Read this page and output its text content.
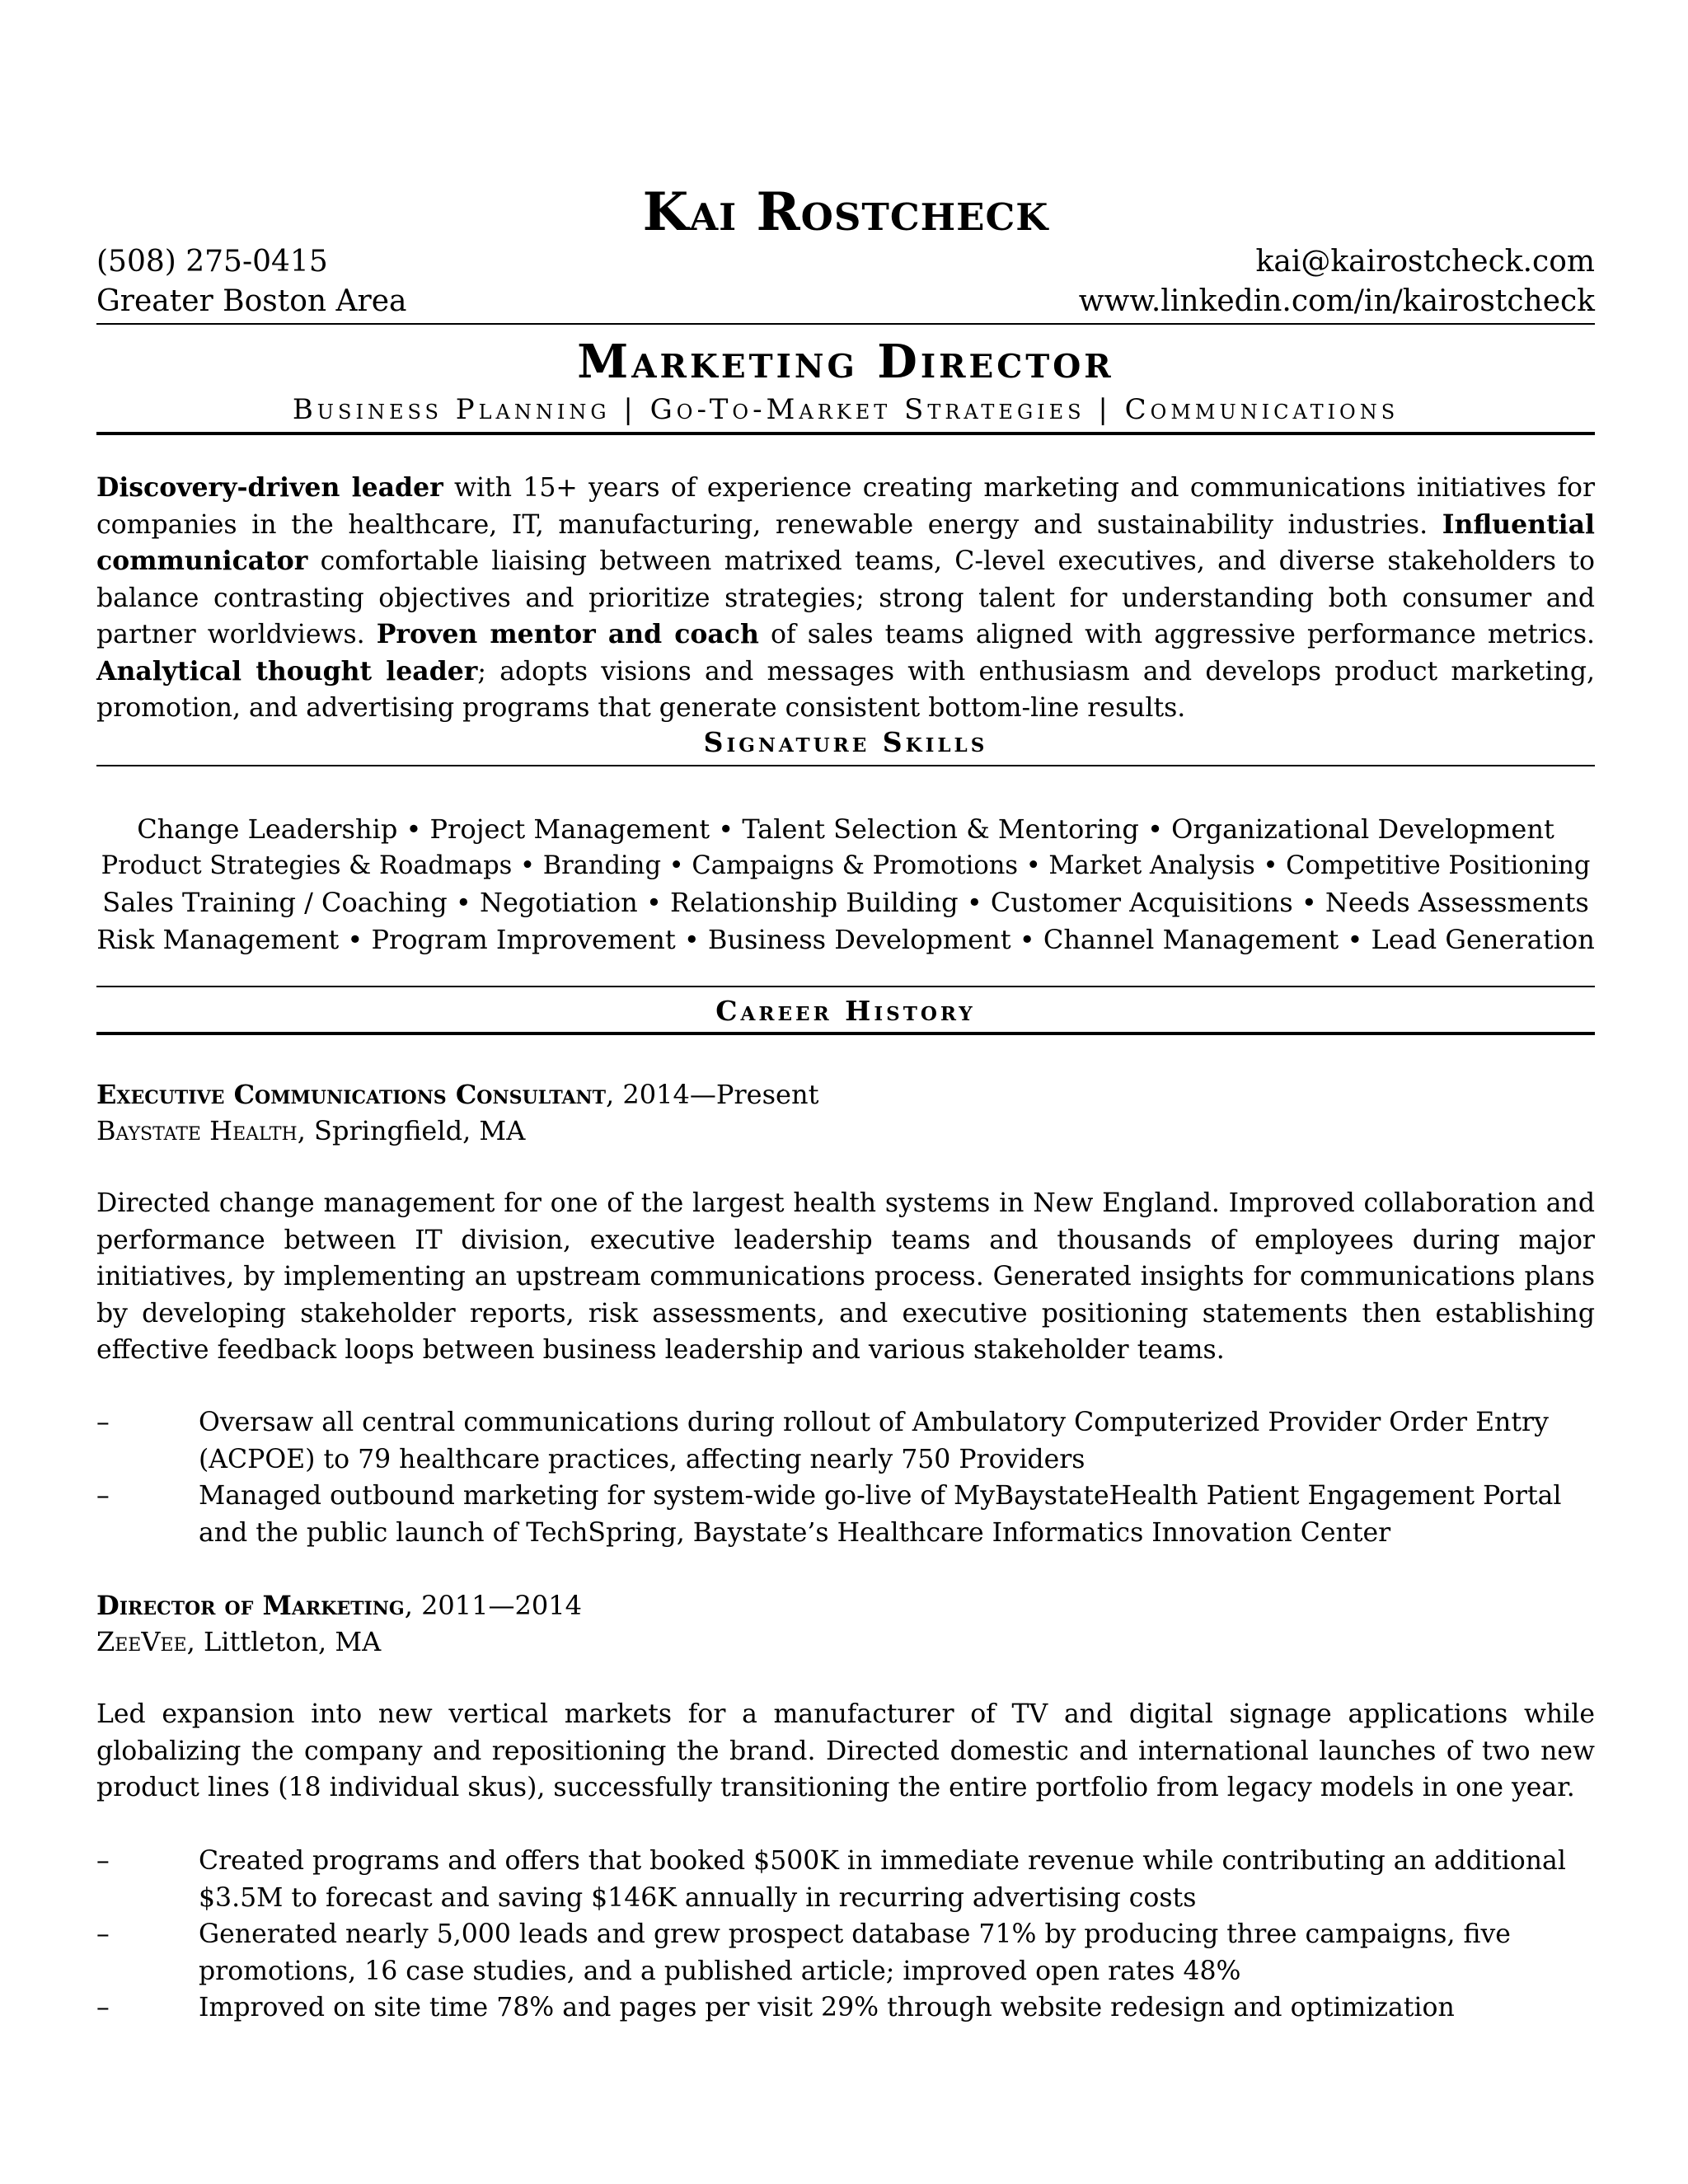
Kai Rostcheck
(508) 275-0415	kai@kairostcheck.com
Greater Boston Area	www.linkedin.com/in/kairostcheck
Marketing Director
Business Planning | Go-To-Market Strategies | Communications
Discovery-driven leader with 15+ years of experience creating marketing and communications initiatives for companies in the healthcare, IT, manufacturing, renewable energy and sustainability industries. Influential communicator comfortable liaising between matrixed teams, C-level executives, and diverse stakeholders to balance contrasting objectives and prioritize strategies; strong talent for understanding both consumer and partner worldviews. Proven mentor and coach of sales teams aligned with aggressive performance metrics. Analytical thought leader; adopts visions and messages with enthusiasm and develops product marketing, promotion, and advertising programs that generate consistent bottom-line results.
Signature Skills
Change Leadership • Project Management • Talent Selection & Mentoring • Organizational Development
Product Strategies & Roadmaps • Branding • Campaigns & Promotions • Market Analysis • Competitive Positioning
Sales Training / Coaching • Negotiation • Relationship Building • Customer Acquisitions • Needs Assessments
Risk Management • Program Improvement • Business Development • Channel Management • Lead Generation
Career History
Executive Communications Consultant, 2014—Present
Baystate Health, Springfield, MA
Directed change management for one of the largest health systems in New England. Improved collaboration and performance between IT division, executive leadership teams and thousands of employees during major initiatives, by implementing an upstream communications process. Generated insights for communications plans by developing stakeholder reports, risk assessments, and executive positioning statements then establishing effective feedback loops between business leadership and various stakeholder teams.
–	Oversaw all central communications during rollout of Ambulatory Computerized Provider Order Entry (ACPOE) to 79 healthcare practices, affecting nearly 750 Providers
–	Managed outbound marketing for system-wide go-live of MyBaystateHealth Patient Engagement Portal and the public launch of TechSpring, Baystate’s Healthcare Informatics Innovation Center
Director of Marketing, 2011—2014
ZeeVee, Littleton, MA
Led expansion into new vertical markets for a manufacturer of TV and digital signage applications while globalizing the company and repositioning the brand. Directed domestic and international launches of two new product lines (18 individual skus), successfully transitioning the entire portfolio from legacy models in one year.
–	Created programs and offers that booked $500K in immediate revenue while contributing an additional $3.5M to forecast and saving $146K annually in recurring advertising costs
–	Generated nearly 5,000 leads and grew prospect database 71% by producing three campaigns, five promotions, 16 case studies, and a published article; improved open rates 48%
–	Improved on site time 78% and pages per visit 29% through website redesign and optimization
